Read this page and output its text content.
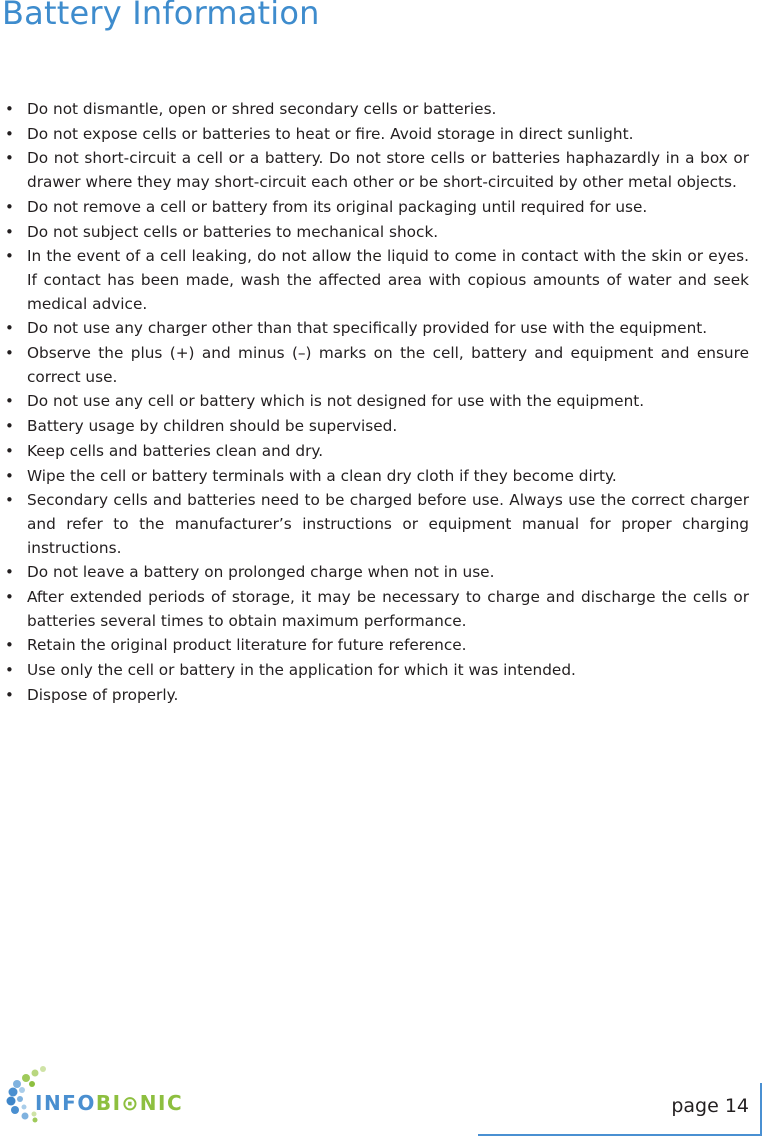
Battery Information
• Do not dismantle, open or shred secondary cells or batteries.
• Do not expose cells or batteries to heat or fire. Avoid storage in direct sunlight.
• Do not short-circuit a cell or a battery. Do not store cells or batteries haphazardly in a box or drawer where they may short-circuit each other or be short-circuited by other metal objects.
• Do not remove a cell or battery from its original packaging until required for use.
• Do not subject cells or batteries to mechanical shock.
• In the event of a cell leaking, do not allow the liquid to come in contact with the skin or eyes. If contact has been made, wash the affected area with copious amounts of water and seek medical advice.
• Do not use any charger other than that specifically provided for use with the equipment.
• Observe the plus (+) and minus (–) marks on the cell, battery and equipment and ensure correct use.
• Do not use any cell or battery which is not designed for use with the equipment.
• Battery usage by children should be supervised.
• Keep cells and batteries clean and dry.
• Wipe the cell or battery terminals with a clean dry cloth if they become dirty.
• Secondary cells and batteries need to be charged before use. Always use the correct charger and refer to the manufacturer’s instructions or equipment manual for proper charging instructions.
• Do not leave a battery on prolonged charge when not in use.
• After extended periods of storage, it may be necessary to charge and discharge the cells or batteries several times to obtain maximum performance.
• Retain the original product literature for future reference.
• Use only the cell or battery in the application for which it was intended.
• Dispose of properly.
INFOBI⊙NIC	page 14
